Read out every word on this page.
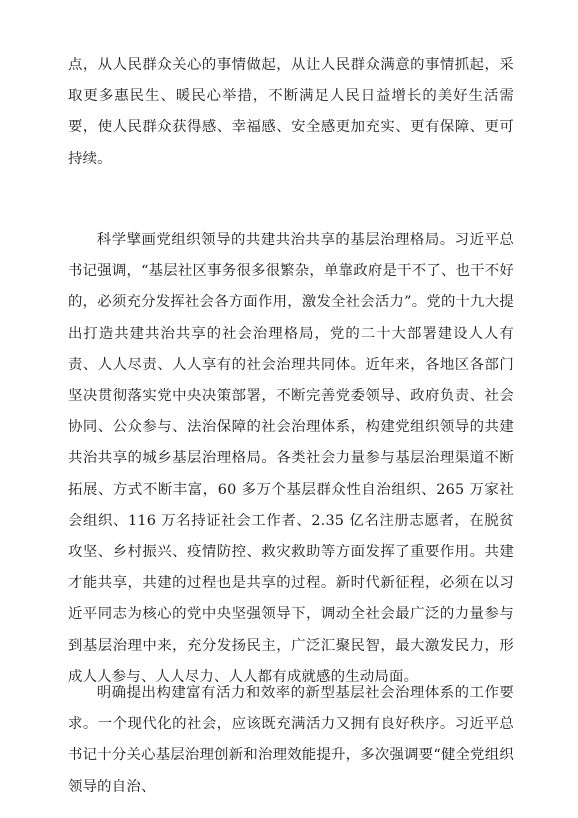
点，从人民群众关心的事情做起，从让人民群众满意的事情抓起，采取更多惠民生、暖民心举措，不断满足人民日益增长的美好生活需要，使人民群众获得感、幸福感、安全感更加充实、更有保障、更可持续。

科学擘画党组织领导的共建共治共享的基层治理格局。习近平总书记强调，“基层社区事务很多很繁杂，单靠政府是干不了、也干不好的，必须充分发挥社会各方面作用，激发全社会活力”。党的十九大提出打造共建共治共享的社会治理格局，党的二十大部署建设人人有责、人人尽责、人人享有的社会治理共同体。近年来，各地区各部门坚决贯彻落实党中央决策部署，不断完善党委领导、政府负责、社会协同、公众参与、法治保障的社会治理体系，构建党组织领导的共建共治共享的城乡基层治理格局。各类社会力量参与基层治理渠道不断拓展、方式不断丰富，60 多万个基层群众性自治组织、265 万家社会组织、116 万名持证社会工作者、2.35 亿名注册志愿者，在脱贫攻坚、乡村振兴、疫情防控、救灾救助等方面发挥了重要作用。共建才能共享，共建的过程也是共享的过程。新时代新征程，必须在以习近平同志为核心的党中央坚强领导下，调动全社会最广泛的力量参与到基层治理中来，充分发扬民主，广泛汇聚民智，最大激发民力，形成人人参与、人人尽力、人人都有成就感的生动局面。

明确提出构建富有活力和效率的新型基层社会治理体系的工作要求。一个现代化的社会，应该既充满活力又拥有良好秩序。习近平总书记十分关心基层治理创新和治理效能提升，多次强调要“健全党组织领导的自治、
